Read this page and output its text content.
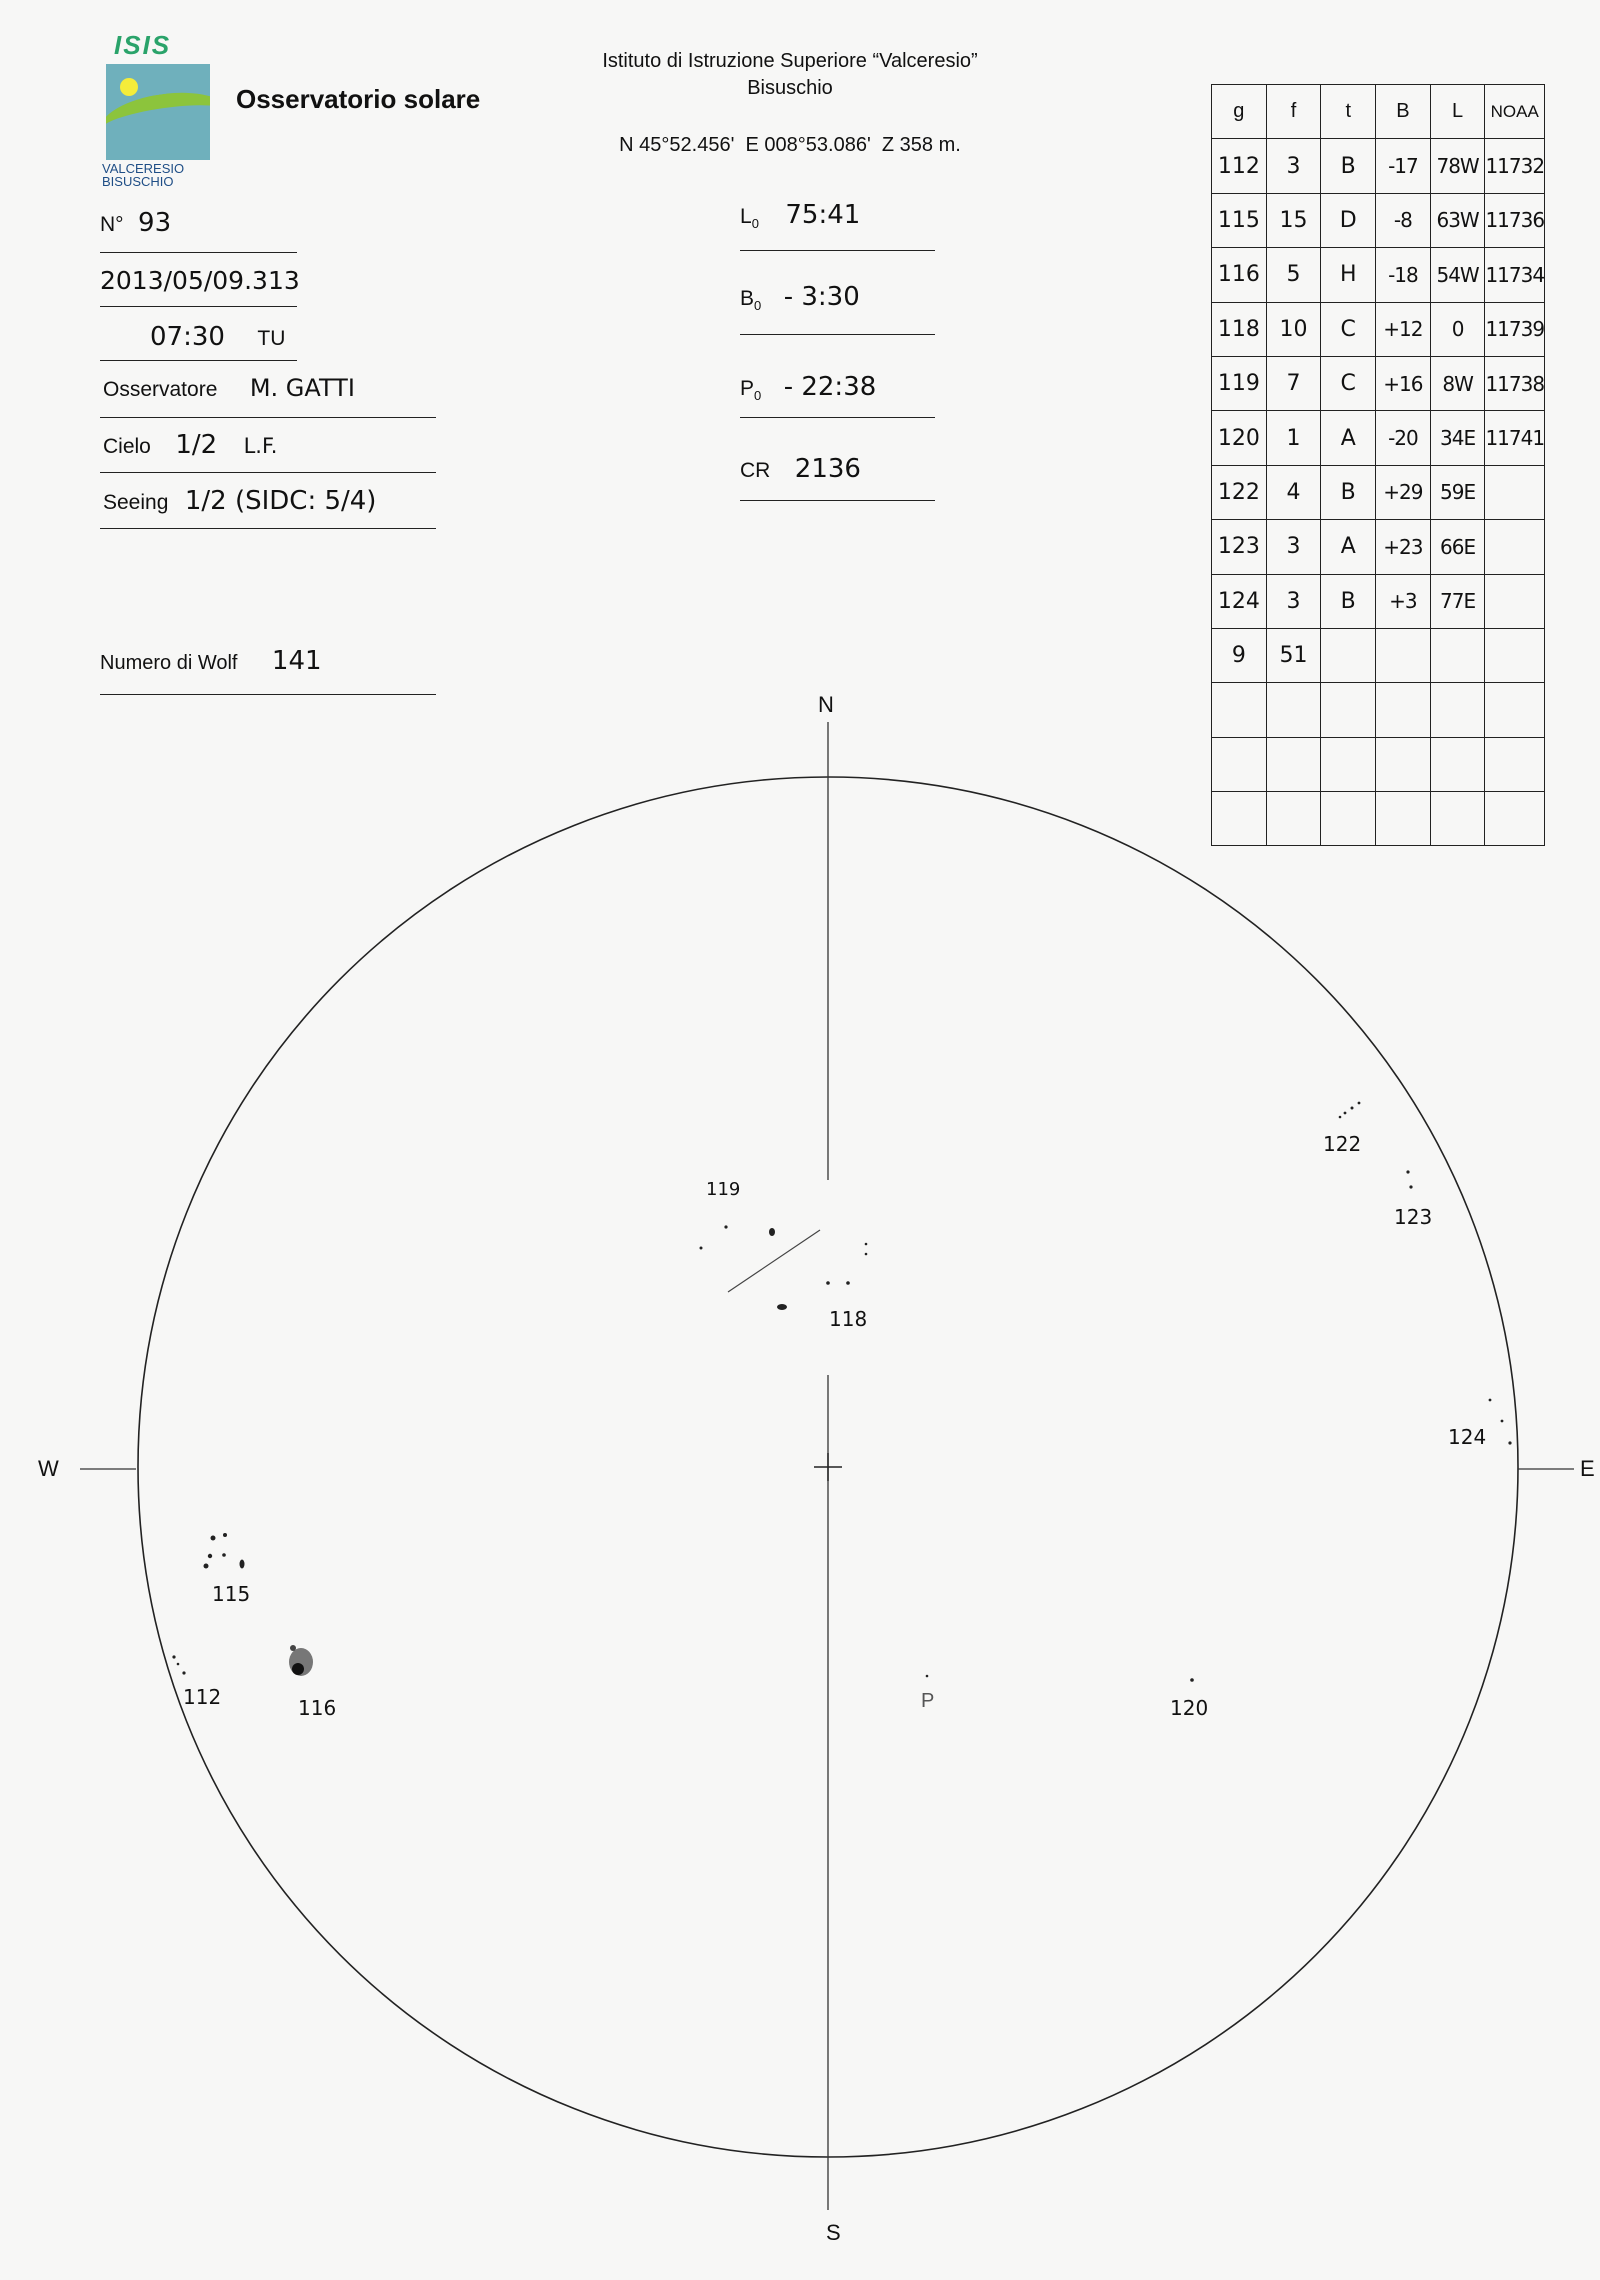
ISIS
VALCERESIO
BISUSCHIO
Osservatorio solare
Istituto di Istruzione Superiore “Valceresio”
Bisuschio
N 45°52.456'  E 008°53.086'  Z 358 m.
N° 93
2013/05/09.313
07:30 TU
Osservatore M. GATTI
Cielo 1/2 L.F.
Seeing 1/2 (SIDC: 5/4)
Numero di Wolf 141
$L_0$ 75:41
$B_0$ - 3:30
$P_0$ - 22:38
CR 2136
g	f	t	B	L	NOAA
112	3	B	-17	78W	11732
115	15	D	-8	63W	11736
116	5	H	-18	54W	11734
118	10	C	+12	0	11739
119	7	C	+16	8W	11738
120	1	A	-20	34E	11741
122	4	B	+29	59E	
123	3	A	+23	66E	
124	3	B	+3	77E	
9	51				

N
S
W	E
P
119
118
122
123
124
115
112	116	120
